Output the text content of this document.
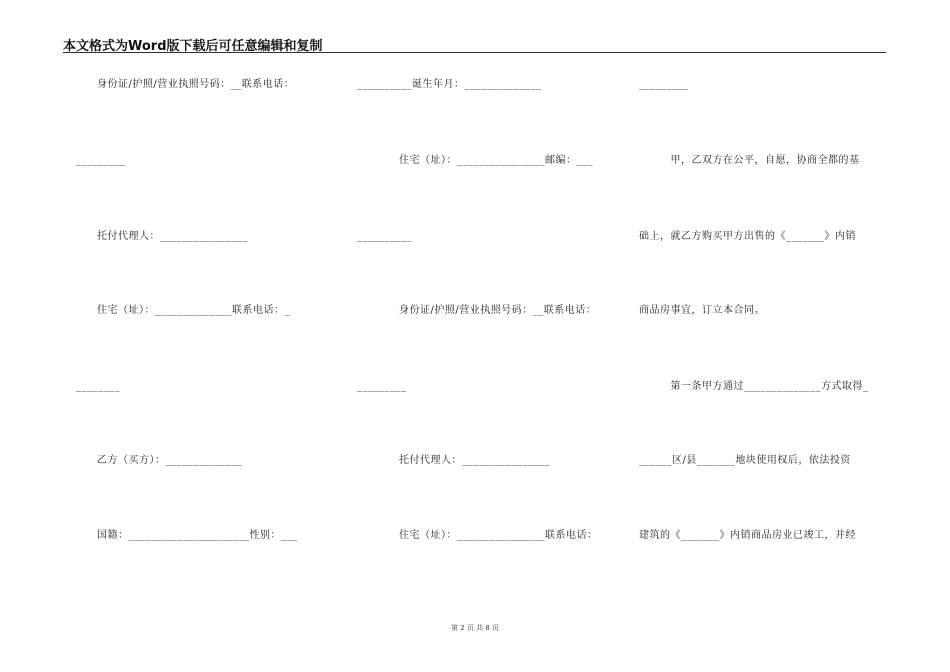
本文格式为Word版下载后可任意编辑和复制
　　身份证/护照/营业执照号码：__联系电话：
_________
　　托付代理人：________________
　　住宅（址）：______________联系电话：_
________
　　乙方（买方）：______________
　　国籍：______________________性别：___
__________诞生年月：______________
　　　　住宅（址）：________________邮编：___
__________
　　　　身份证/护照/营业执照号码：__联系电话：
_________
　　　　托付代理人：________________
　　　　住宅（址）：________________联系电话：
_________
　　　甲，乙双方在公平，自愿，协商全都的基
础上，就乙方购买甲方出售的《_______》内销
商品房事宜，订立本合同。
　　　第一条甲方通过______________方式取得_
______区/县_______地块使用权后，依法投资
建筑的《_______》内销商品房业已竣工，并经
第 2 页 共 8 页
